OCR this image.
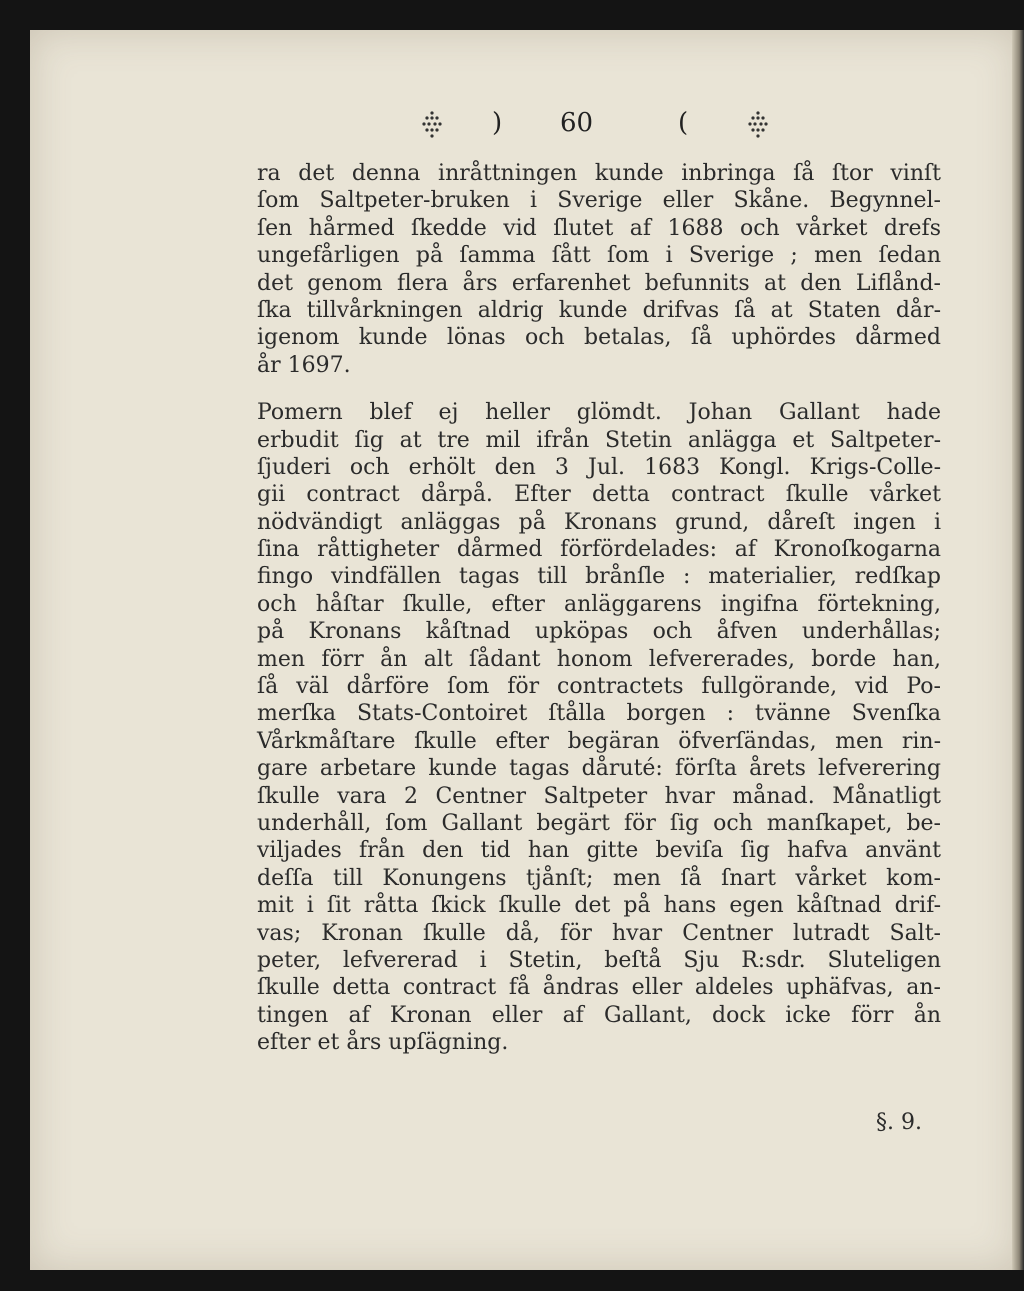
) 60	(
ra det denna inråttningen kunde inbringa ſå ſtor vinſt
ſom Saltpeter-bruken i Sverige eller Skåne. Begynnel-
ſen hårmed ſkedde vid ſlutet af 1688 och vårket drefs
ungefårligen på ſamma ſått ſom i Sverige ; men ſedan
det genom flera års erfarenhet befunnits at den Liflånd-
ſka tillvårkningen aldrig kunde drifvas ſå at Staten dår-
igenom kunde lönas och betalas, ſå uphördes dårmed
år 1697.
Pomern blef ej heller glömdt. Johan Gallant hade
erbudit ſig at tre mil ifrån Stetin anlägga et Saltpeter-
ſjuderi och erhölt den 3 Jul. 1683 Kongl. Krigs-Colle-
gii contract dårpå. Efter detta contract ſkulle vårket
nödvändigt anläggas på Kronans grund, dåreſt ingen i
ſina råttigheter dårmed förfördelades: af Kronoſkogarna
fingo vindfällen tagas till brånſle : materialier, redſkap
och håſtar ſkulle, efter anläggarens ingifna förtekning,
på Kronans kåſtnad upköpas och åfven underhållas;
men förr ån alt ſådant honom lefvererades, borde han,
ſå väl dårföre ſom för contractets fullgörande, vid Po-
merſka Stats-Contoiret ſtålla borgen : tvänne Svenſka
Vårkmåſtare ſkulle efter begäran öfverſändas, men rin-
gare arbetare kunde tagas dåruté: förſta årets lefverering
ſkulle vara 2 Centner Saltpeter hvar månad. Månatligt
underhåll, ſom Gallant begärt för ſig och manſkapet, be-
viljades från den tid han gitte beviſa ſig hafva använt
deſſa till Konungens tjånſt; men ſå ſnart vårket kom-
mit i ſit råtta ſkick ſkulle det på hans egen kåſtnad drif-
vas; Kronan ſkulle då, för hvar Centner lutradt Salt-
peter, lefvererad i Stetin, beſtå Sju R:sdr. Sluteligen
ſkulle detta contract få åndras eller aldeles uphäfvas, an-
tingen af Kronan eller af Gallant, dock icke förr ån
efter et års upſägning.
§. 9.
